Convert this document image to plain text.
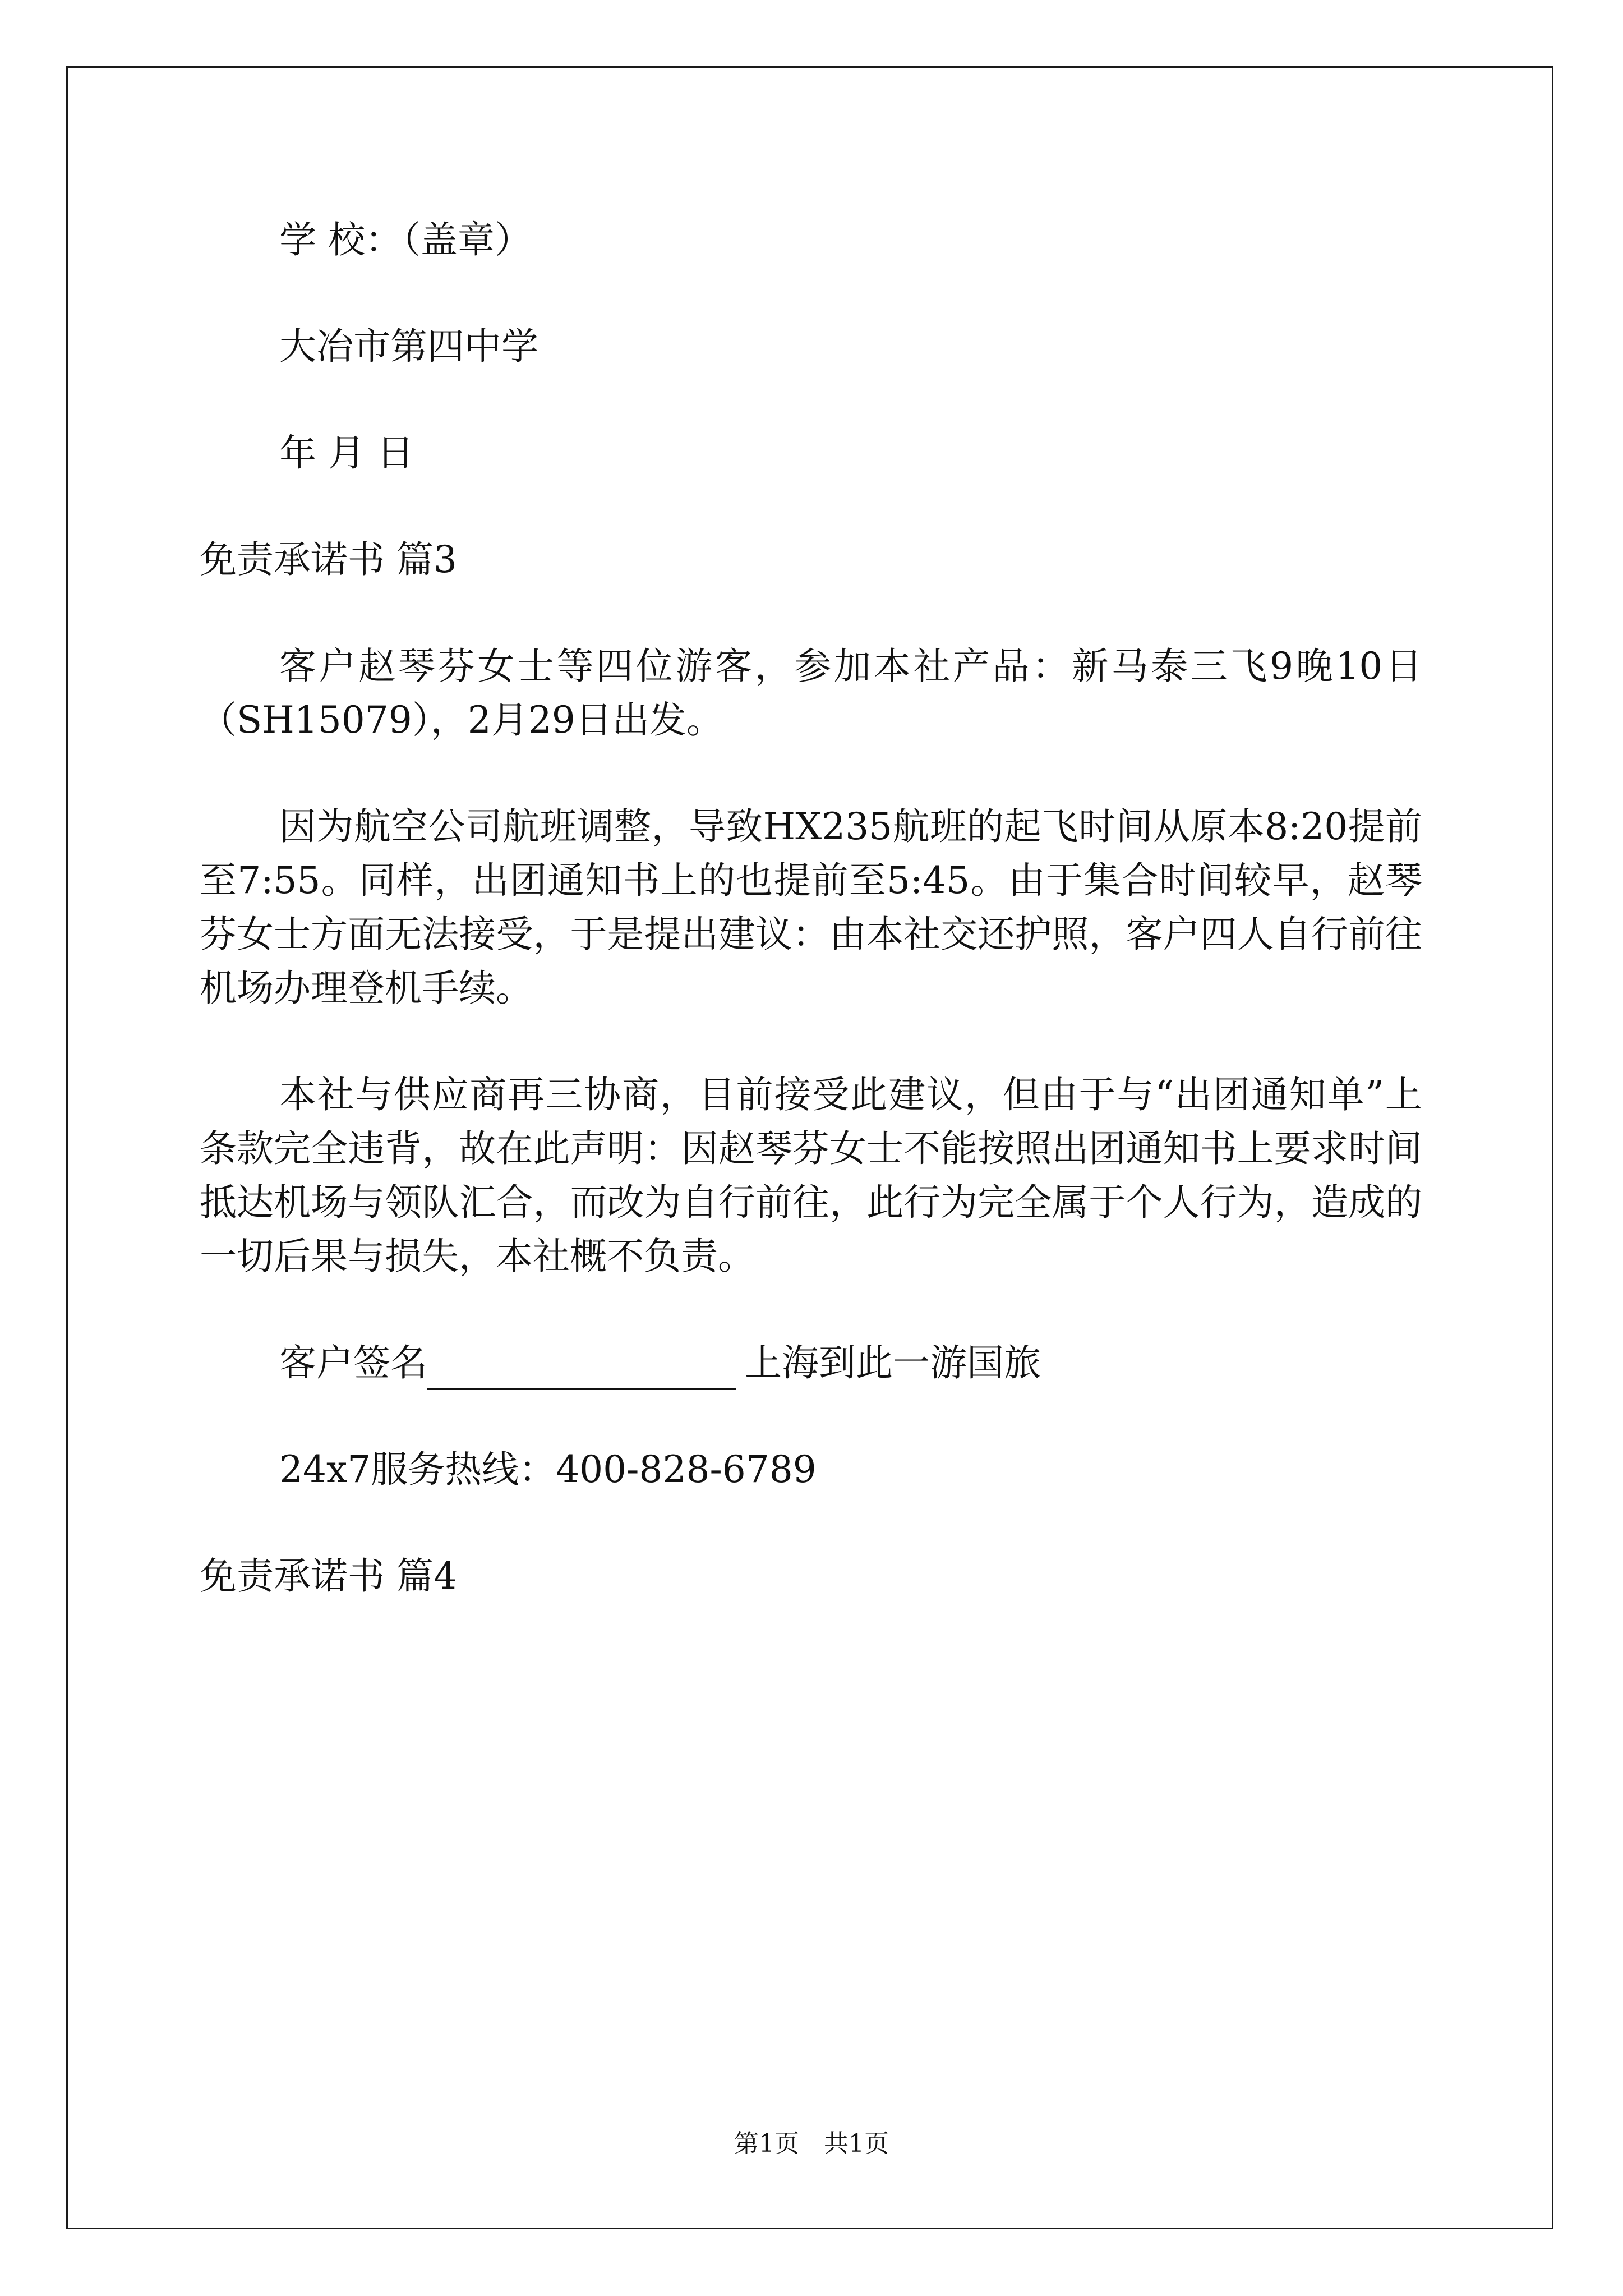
学 校：（盖章）

大冶市第四中学

年 月 日

免责承诺书 篇3

客户赵琴芬女士等四位游客，参加本社产品：新马泰三飞9晚10日（SH15079），2月29日出发。

因为航空公司航班调整，导致HX235航班的起飞时间从原本8:20提前至7:55。同样，出团通知书上的也提前至5:45。由于集合时间较早，赵琴芬女士方面无法接受，于是提出建议：由本社交还护照，客户四人自行前往机场办理登机手续。

本社与供应商再三协商，目前接受此建议，但由于与“出团通知单”上条款完全违背，故在此声明：因赵琴芬女士不能按照出团通知书上要求时间抵达机场与领队汇合，而改为自行前往，此行为完全属于个人行为，造成的一切后果与损失，本社概不负责。

客户签名	上海到此一游国旅

24x7服务热线：400-828-6789

免责承诺书 篇4

第1页　共1页
